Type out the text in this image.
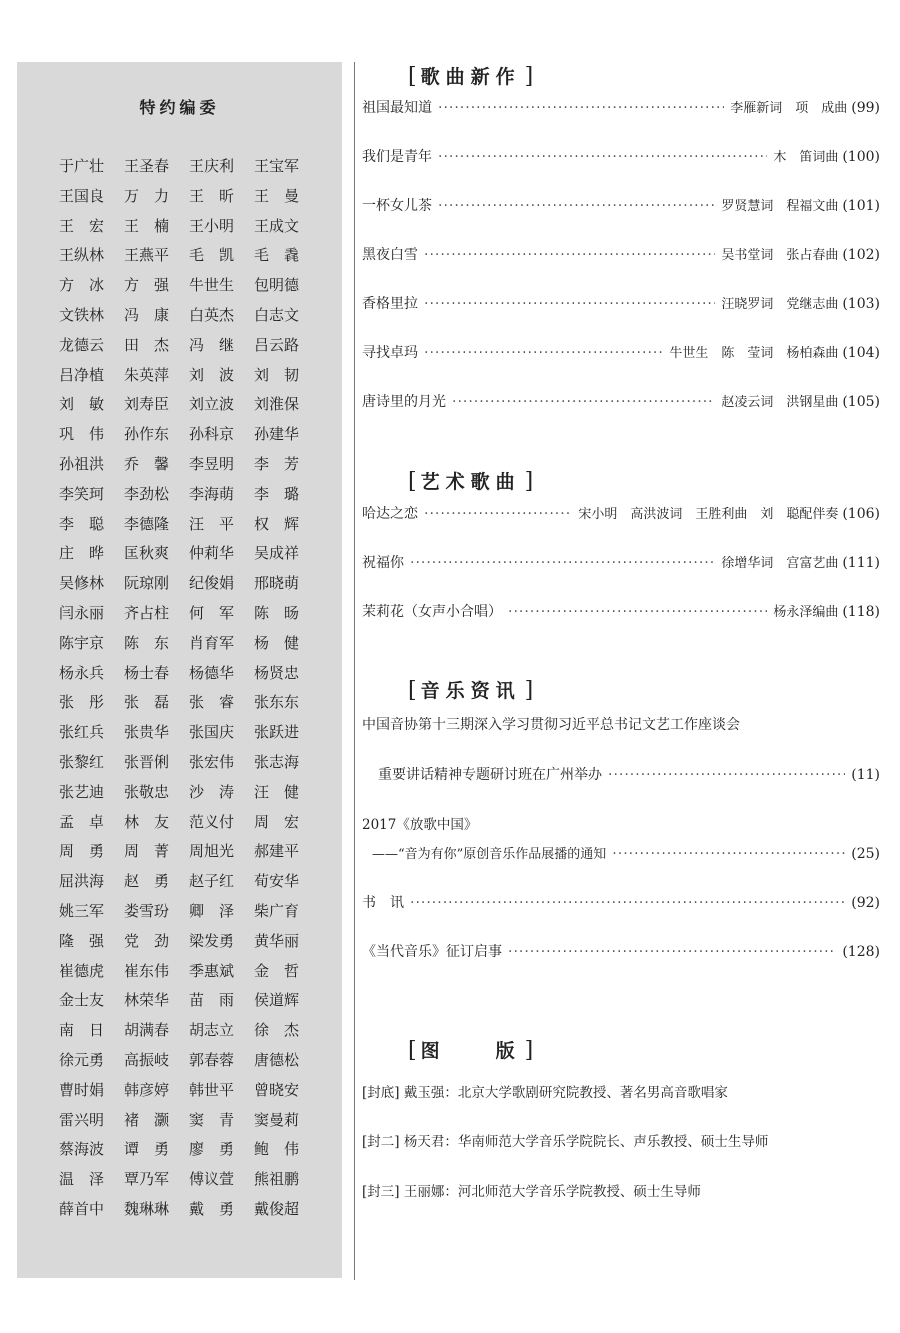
特约编委
于广壮 王圣春 王庆利 王宝军
王国良 万　力 王　昕 王　曼
王　宏 王　楠 王小明 王成文
王纵林 王燕平 毛　凯 毛　毳
方　冰 方　强 牛世生 包明德
文铁林 冯　康 白英杰 白志文
龙德云 田　杰 冯　继 吕云路
吕净植 朱英萍 刘　波 刘　韧
刘　敏 刘寿臣 刘立波 刘淮保
巩　伟 孙作东 孙科京 孙建华
孙祖洪 乔　馨 李昱明 李　芳
李笑珂 李劲松 李海萌 李　璐
李　聪 李德隆 汪　平 权　辉
庄　晔 匡秋爽 仲莉华 吴成祥
吴修林 阮琼刚 纪俊娟 邢晓萌
闫永丽 齐占柱 何　军 陈　旸
陈宇京 陈　东 肖育军 杨　健
杨永兵 杨士春 杨德华 杨贤忠
张　彤 张　磊 张　睿 张东东
张红兵 张贵华 张国庆 张跃进
张黎红 张晋俐 张宏伟 张志海
张艺迪 张敬忠 沙　涛 汪　健
孟　卓 林　友 范义付 周　宏
周　勇 周　菁 周旭光 郝建平
屈洪海 赵　勇 赵子红 荀安华
姚三军 娄雪玢 卿　泽 柴广育
隆　强 党　劲 梁发勇 黄华丽
崔德虎 崔东伟 季惠斌 金　哲
金士友 林荣华 苗　雨 侯道辉
南　日 胡满春 胡志立 徐　杰
徐元勇 高振岐 郭春蓉 唐德松
曹时娟 韩彦婷 韩世平 曾晓安
雷兴明 褚　灏 窦　青 窦曼莉
蔡海波 谭　勇 廖　勇 鲍　伟
温　泽 覃乃军 傅议萱 熊祖鹏
薛首中 魏琳琳 戴　勇 戴俊超
[ 歌曲新作 ]
祖国最知道 ·····	李雁新词　项　成曲 (99)
我们是青年 ·····	木　笛词曲 (100)
一杯女儿茶 ·····	罗贤慧词　程福文曲 (101)
黑夜白雪 ·····	吴书堂词　张占春曲 (102)
香格里拉 ·····	汪晓罗词　党继志曲 (103)
寻找卓玛 ·····	牛世生　陈　莹词　杨柏森曲 (104)
唐诗里的月光 ·····	赵凌云词　洪钢星曲 (105)
[ 艺术歌曲 ]
哈达之恋 ·····	宋小明　高洪波词　王胜利曲　刘　聪配伴奏 (106)
祝福你 ·····	徐增华词　宫富艺曲 (111)
茉莉花（女声小合唱） ·····	杨永泽编曲 (118)
[ 音乐资讯 ]
中国音协第十三期深入学习贯彻习近平总书记文艺工作座谈会
重要讲话精神专题研讨班在广州举办 ·····	(11)
2017《放歌中国》
——“音为有你”原创音乐作品展播的通知 ·····	(25)
书　讯 ·····	(92)
《当代音乐》征订启事 ·····	(128)
[ 图　　版 ]
[封底] 戴玉强：北京大学歌剧研究院教授、著名男高音歌唱家
[封二] 杨天君：华南师范大学音乐学院院长、声乐教授、硕士生导师
[封三] 王丽娜：河北师范大学音乐学院教授、硕士生导师
